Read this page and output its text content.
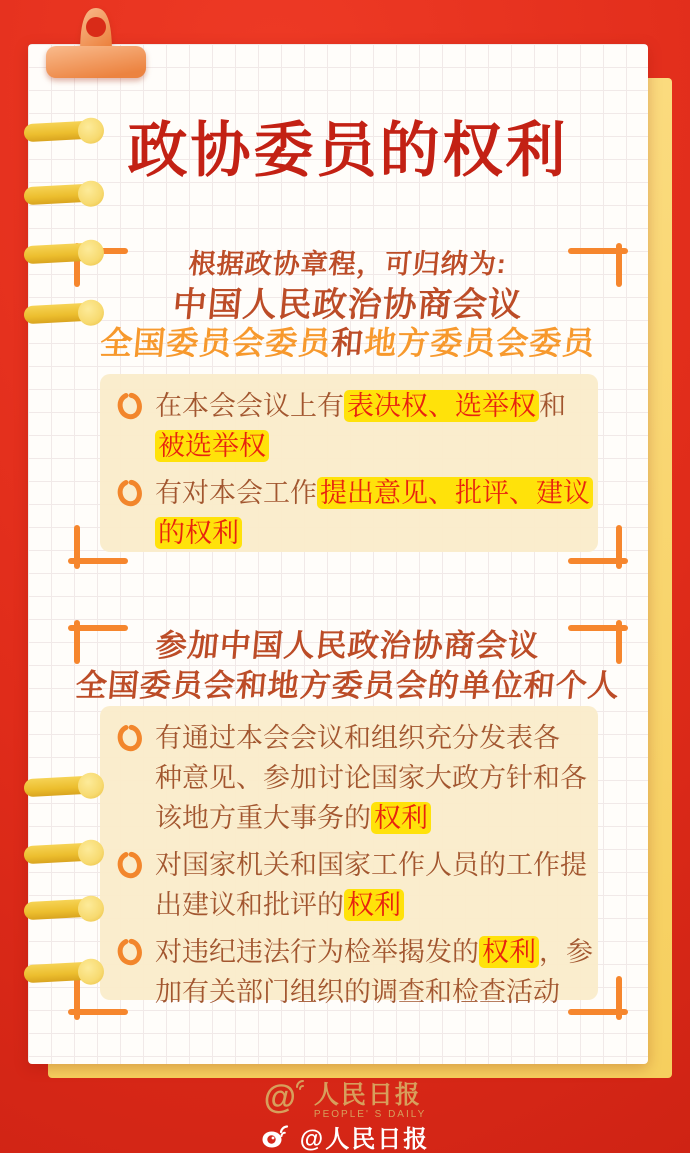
政协委员的权利
根据政协章程，可归纳为:
中国人民政治协商会议
全国委员会委员和地方委员会委员

在本会会议上有 表决权、选举权 和
被选举权

有对本会工作 提出意见、批评、建议
的权利

参加中国人民政治协商会议
全国委员会和地方委员会的单位和个人

有通过本会会议和组织充分发表各
种意见、参加讨论国家大政方针和各
该地方重大事务的 权利

对国家机关和国家工作人员的工作提
出建议和批评的 权利

对违纪违法行为检举揭发的 权利 ，参
加有关部门组织的调查和检查活动

@ 人民日报
PEOPLE' S DAILY
@人民日报
